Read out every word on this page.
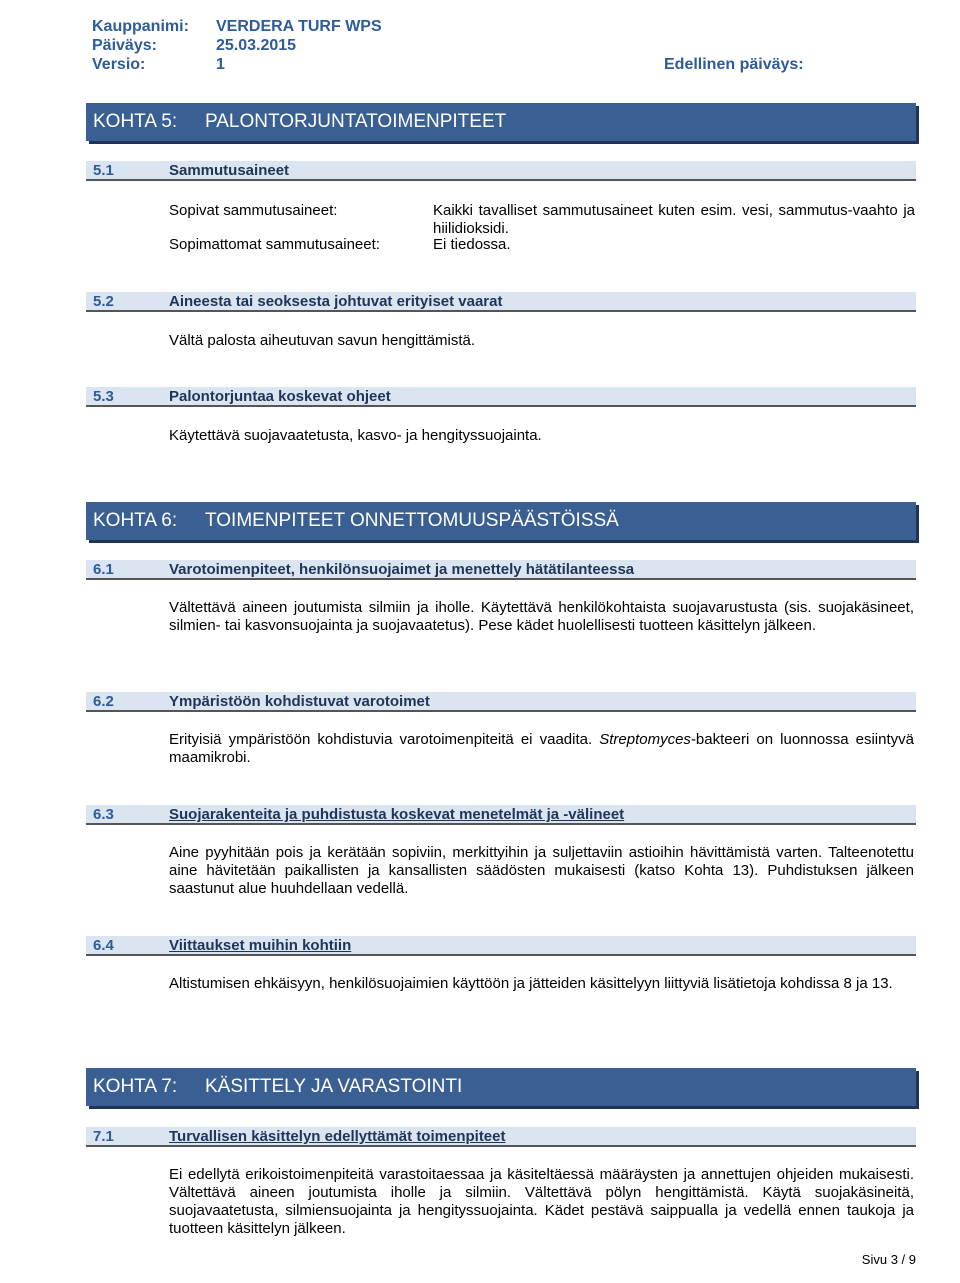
Kauppanimi: VERDERA TURF WPS
Päiväys:	25.03.2015
Versio:	1	Edellinen päiväys:
KOHTA 5: PALONTORJUNTATOIMENPITEET
5.1	Sammutusaineet
Sopivat sammutusaineet:	Kaikki tavalliset sammutusaineet kuten esim. vesi, sammutus-vaahto ja hiilidioksidi.
Sopimattomat sammutusaineet:	Ei tiedossa.
5.2	Aineesta tai seoksesta johtuvat erityiset vaarat
Vältä palosta aiheutuvan savun hengittämistä.
5.3	Palontorjuntaa koskevat ohjeet
Käytettävä suojavaatetusta, kasvo- ja hengityssuojainta.
KOHTA 6: TOIMENPITEET ONNETTOMUUSPÄÄSTÖISSÄ
6.1	Varotoimenpiteet, henkilönsuojaimet ja menettely hätätilanteessa
Vältettävä aineen joutumista silmiin ja iholle. Käytettävä henkilökohtaista suojavarustusta (sis. suojakäsineet, silmien- tai kasvonsuojainta ja suojavaatetus). Pese kädet huolellisesti tuotteen käsittelyn jälkeen.
6.2	Ympäristöön kohdistuvat varotoimet
Erityisiä ympäristöön kohdistuvia varotoimenpiteitä ei vaadita. Streptomyces-bakteeri on luonnossa esiintyvä maamikrobi.
6.3	Suojarakenteita ja puhdistusta koskevat menetelmät ja -välineet
Aine pyyhitään pois ja kerätään sopiviin, merkittyihin ja suljettaviin astioihin hävittämistä varten. Talteenotettu aine hävitetään paikallisten ja kansallisten säädösten mukaisesti (katso Kohta 13). Puhdistuksen jälkeen saastunut alue huuhdellaan vedellä.
6.4	Viittaukset muihin kohtiin
Altistumisen ehkäisyyn, henkilösuojaimien käyttöön ja jätteiden käsittelyyn liittyviä lisätietoja kohdissa 8 ja 13.
KOHTA 7: KÄSITTELY JA VARASTOINTI
7.1	Turvallisen käsittelyn edellyttämät toimenpiteet
Ei edellytä erikoistoimenpiteitä varastoitaessaa ja käsiteltäessä määräysten ja annettujen ohjeiden mukaisesti. Vältettävä aineen joutumista iholle ja silmiin. Vältettävä pölyn hengittämistä. Käytä suojakäsineitä, suojavaatetusta, silmiensuojainta ja hengityssuojainta. Kädet pestävä saippualla ja vedellä ennen taukoja ja tuotteen käsittelyn jälkeen.
Sivu 3 / 9
